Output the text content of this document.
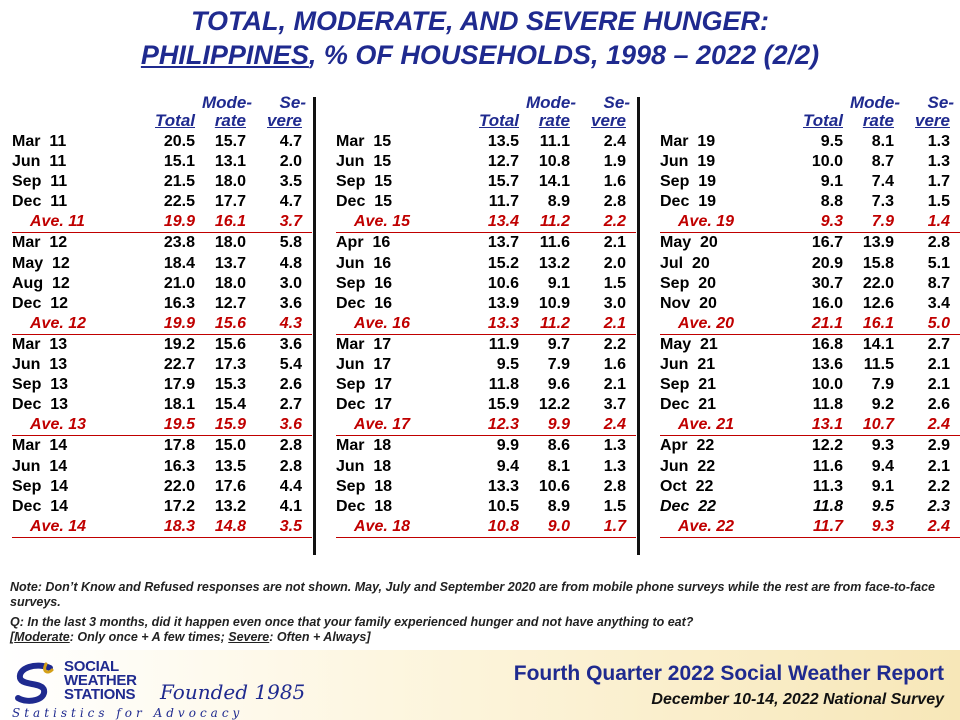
TOTAL, MODERATE, AND SEVERE HUNGER:
PHILIPPINES, % OF HOUSEHOLDS, 1998 – 2022 (2/2)
Total
Mode-
rate
Se-
vere
Mar  11	20.5	15.7	4.7
Jun  11	15.1	13.1	2.0
Sep  11	21.5	18.0	3.5
Dec  11	22.5	17.7	4.7
Ave. 11	19.9	16.1	3.7
Mar  12	23.8	18.0	5.8
May  12	18.4	13.7	4.8
Aug  12	21.0	18.0	3.0
Dec  12	16.3	12.7	3.6
Ave. 12	19.9	15.6	4.3
Mar  13	19.2	15.6	3.6
Jun  13	22.7	17.3	5.4
Sep  13	17.9	15.3	2.6
Dec  13	18.1	15.4	2.7
Ave. 13	19.5	15.9	3.6
Mar  14	17.8	15.0	2.8
Jun  14	16.3	13.5	2.8
Sep  14	22.0	17.6	4.4
Dec  14	17.2	13.2	4.1
Ave. 14	18.3	14.8	3.5
Total
Mode-
rate
Se-
vere
Mar  15	13.5	11.1	2.4
Jun  15	12.7	10.8	1.9
Sep  15	15.7	14.1	1.6
Dec  15	11.7	8.9	2.8
Ave. 15	13.4	11.2	2.2
Apr  16	13.7	11.6	2.1
Jun  16	15.2	13.2	2.0
Sep  16	10.6	9.1	1.5
Dec  16	13.9	10.9	3.0
Ave. 16	13.3	11.2	2.1
Mar  17	11.9	9.7	2.2
Jun  17	9.5	7.9	1.6
Sep  17	11.8	9.6	2.1
Dec  17	15.9	12.2	3.7
Ave. 17	12.3	9.9	2.4
Mar  18	9.9	8.6	1.3
Jun  18	9.4	8.1	1.3
Sep  18	13.3	10.6	2.8
Dec  18	10.5	8.9	1.5
Ave. 18	10.8	9.0	1.7
Total
Mode-
rate
Se-
vere
Mar  19	9.5	8.1	1.3
Jun  19	10.0	8.7	1.3
Sep  19	9.1	7.4	1.7
Dec  19	8.8	7.3	1.5
Ave. 19	9.3	7.9	1.4
May  20	16.7	13.9	2.8
Jul  20	20.9	15.8	5.1
Sep  20	30.7	22.0	8.7
Nov  20	16.0	12.6	3.4
Ave. 20	21.1	16.1	5.0
May  21	16.8	14.1	2.7
Jun  21	13.6	11.5	2.1
Sep  21	10.0	7.9	2.1
Dec  21	11.8	9.2	2.6
Ave. 21	13.1	10.7	2.4
Apr  22	12.2	9.3	2.9
Jun  22	11.6	9.4	2.1
Oct  22	11.3	9.1	2.2
Dec  22	11.8	9.5	2.3
Ave. 22	11.7	9.3	2.4

Note: Don’t Know and Refused responses are not shown. May, July and September 2020 are from mobile phone surveys while the rest are from face-to-face surveys.

Q: In the last 3 months, did it happen even once that your family experienced hunger and not have anything to eat?
[Moderate: Only once + A few times; Severe: Often + Always]

SOCIAL
WEATHER
STATIONS Founded 1985
Statistics for Advocacy
Fourth Quarter 2022 Social Weather Report
December 10-14, 2022 National Survey
